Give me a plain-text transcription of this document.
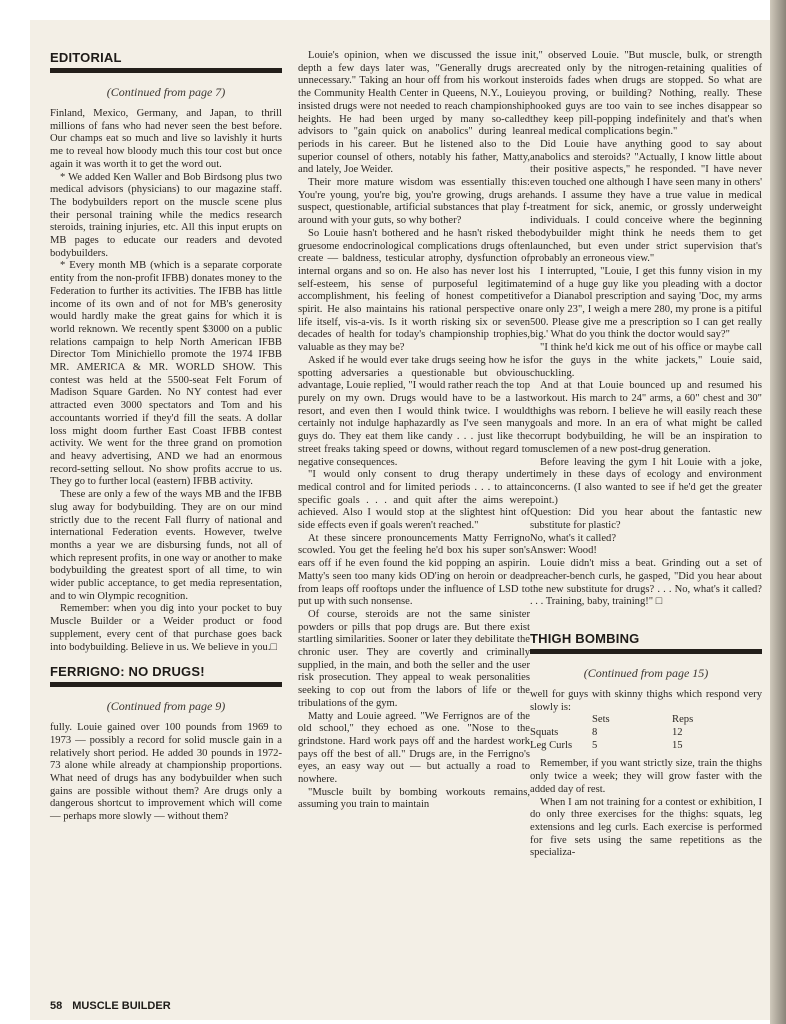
EDITORIAL
(Continued from page 7)

Finland, Mexico, Germany, and Japan, to thrill millions of fans who had never seen the best before. Our champs eat so much and live so lavishly it hurts me to reveal how bloody much this tour cost but once again it was worth it to get the word out.

* We added Ken Waller and Bob Birdsong plus two medical advisors (physicians) to our magazine staff. The bodybuilders report on the muscle scene plus their personal training while the medics research steroids, training injuries, etc. All this input erupts on MB pages to educate our readers and devoted bodybuilders.

* Every month MB (which is a separate corporate entity from the non-profit IFBB) donates money to the Federation to further its activities. The IFBB has little income of its own and of not for MB's generosity would hardly make the great gains for which it is world reknown. We recently spent $3000 on a public relations campaign to help North American IFBB Director Tom Minichiello promote the 1974 IFBB MR. AMERICA & MR. WORLD SHOW. This contest was held at the 5500-seat Felt Forum of Madison Square Garden. No NY contest had ever attracted even 3000 spectators and Tom and his accountants worried if they'd fill the seats. A dollar loss might doom further East Coast IFBB contest activity. We went for the three grand on promotion and heavy advertising, AND we had an enormous record-setting sellout. No show profits accrue to us. They go to further local (eastern) IFBB activity.

These are only a few of the ways MB and the IFBB slug away for bodybuilding. They are on our mind strictly due to the recent Fall flurry of national and international Federation events. However, twelve months a year we are disbursing funds, not all of which represent profits, in one way or another to make bodybuilding the greatest sport of all time, to win wider public acceptance, to get media representation, and to win Olympic recognition.

Remember: when you dig into your pocket to buy Muscle Builder or a Weider product or food supplement, every cent of that purchase goes back into bodybuilding. Believe in us. We believe in you.□

FERRIGNO: NO DRUGS!
(Continued from page 9)

fully. Louie gained over 100 pounds from 1969 to 1973 — possibly a record for solid muscle gain in a relatively short period. He added 30 pounds in 1972-73 alone while already at championship proportions. What need of drugs has any bodybuilder when such gains are possible without them? Are drugs only a dangerous shortcut to improvement which will come — perhaps more slowly — without them?

Louie's opinion, when we discussed the issue in depth a few days later was, "Generally drugs are unnecessary." Taking an hour off from his workout in the Community Health Center in Queens, N.Y., Louie insisted drugs were not needed to reach championship heights. He had been urged by many so-called advisors to "gain quick on anabolics" during lean periods in his career. But he listened also to the superior counsel of others, notably his father, Matty, and lately, Joe Weider.

Their more mature wisdom was essentially this: You're young, you're big, you're growing, drugs are suspect, questionable, artificial substances that play f-around with your guts, so why bother?

So Louie hasn't bothered and he hasn't risked the gruesome endocrinological complications drugs often create — baldness, testicular atrophy, dysfunction of internal organs and so on. He also has never lost his self-esteem, his sense of purposeful legitimate accomplishment, his feeling of honest competitive spirit. He also maintains his rational perspective on life itself, vis-a-vis. Is it worth risking six or seven decades of health for today's championship trophies, valuable as they may be?

Asked if he would ever take drugs seeing how he is spotting adversaries a questionable but obvious advantage, Louie replied, "I would rather reach the top purely on my own. Drugs would have to be a last resort, and even then I would think twice. I would certainly not indulge haphazardly as I've seen many guys do. They eat them like candy . . . just like the street freaks taking speed or downs, without regard to negative consequences.

"I would only consent to drug therapy under medical control and for limited periods . . . to attain specific goals . . . and quit after the aims were achieved. Also I would stop at the slightest hint of side effects even if goals weren't reached."

At these sincere pronouncements Matty Ferrigno scowled. You get the feeling he'd box his super son's ears off if he even found the kid popping an aspirin. Matty's seen too many kids OD'ing on heroin or dead from leaps off rooftops under the influence of LSD to put up with such nonsense.

Of course, steroids are not the same sinister powders or pills that pop drugs are. But there exist startling similarities. Sooner or later they debilitate the chronic user. They are covertly and criminally supplied, in the main, and both the seller and the user risk prosecution. They appeal to weak personalities seeking to cop out from the labors of life or the tribulations of the gym.

Matty and Louie agreed. "We Ferrignos are of the old school," they echoed as one. "Nose to the grindstone. Hard work pays off and the hardest work pays off the best of all." Drugs are, in the Ferrigno's eyes, an easy way out — but actually a road to nowhere.

"Muscle built by bombing workouts remains, assuming you train to maintain

it," observed Louie. "But muscle, bulk, or strength created only by the nitrogen-retaining qualities of steroids fades when drugs are stopped. So what are you proving, or building? Nothing, really. These hooked guys are too vain to see inches disappear so they keep pill-popping indefinitely and that's when real medical complications begin."

Did Louie have anything good to say about anabolics and steroids? "Actually, I know little about their positive aspects," he responded. "I have never even touched one although I have seen many in others' hands. I assume they have a true value in medical treatment for sick, anemic, or grossly underweight individuals. I could conceive where the beginning bodybuilder might think he needs them to get launched, but even under strict supervision that's probably an erroneous view."

I interrupted, "Louie, I get this funny vision in my mind of a huge guy like you pleading with a doctor for a Dianabol prescription and saying 'Doc, my arms are only 23", I weigh a mere 280, my prone is a pitiful 500. Please give me a prescription so I can get really big.' What do you think the doctor would say?"

"I think he'd kick me out of his office or maybe call for the guys in the white jackets," Louie said, chuckling.

And at that Louie bounced up and resumed his workout. His march to 24" arms, a 60" chest and 30" thighs was reborn. I believe he will easily reach these goals and more. In an era of what might be called corrupt bodybuilding, he will be an inspiration to musclemen of a new post-drug generation.

Before leaving the gym I hit Louie with a joke, timely in these days of ecology and environment concerns. (I also wanted to see if he'd get the greater point.)

Question: Did you hear about the fantastic new substitute for plastic?

No, what's it called?

Answer: Wood!

Louie didn't miss a beat. Grinding out a set of preacher-bench curls, he gasped, "Did you hear about the new substitute for drugs? . . . No, what's it called? . . . Training, baby, training!" □

THIGH BOMBING
(Continued from page 15)

well for guys with skinny thighs which respond very slowly is:

	Sets	Reps
Squats	8	12
Leg Curls	5	15

Remember, if you want strictly size, train the thighs only twice a week; they will grow faster with the added day of rest.

When I am not training for a contest or exhibition, I do only three exercises for the thighs: squats, leg extensions and leg curls. Each exercise is performed for five sets using the same repetitions as the specializa-

58 MUSCLE BUILDER
